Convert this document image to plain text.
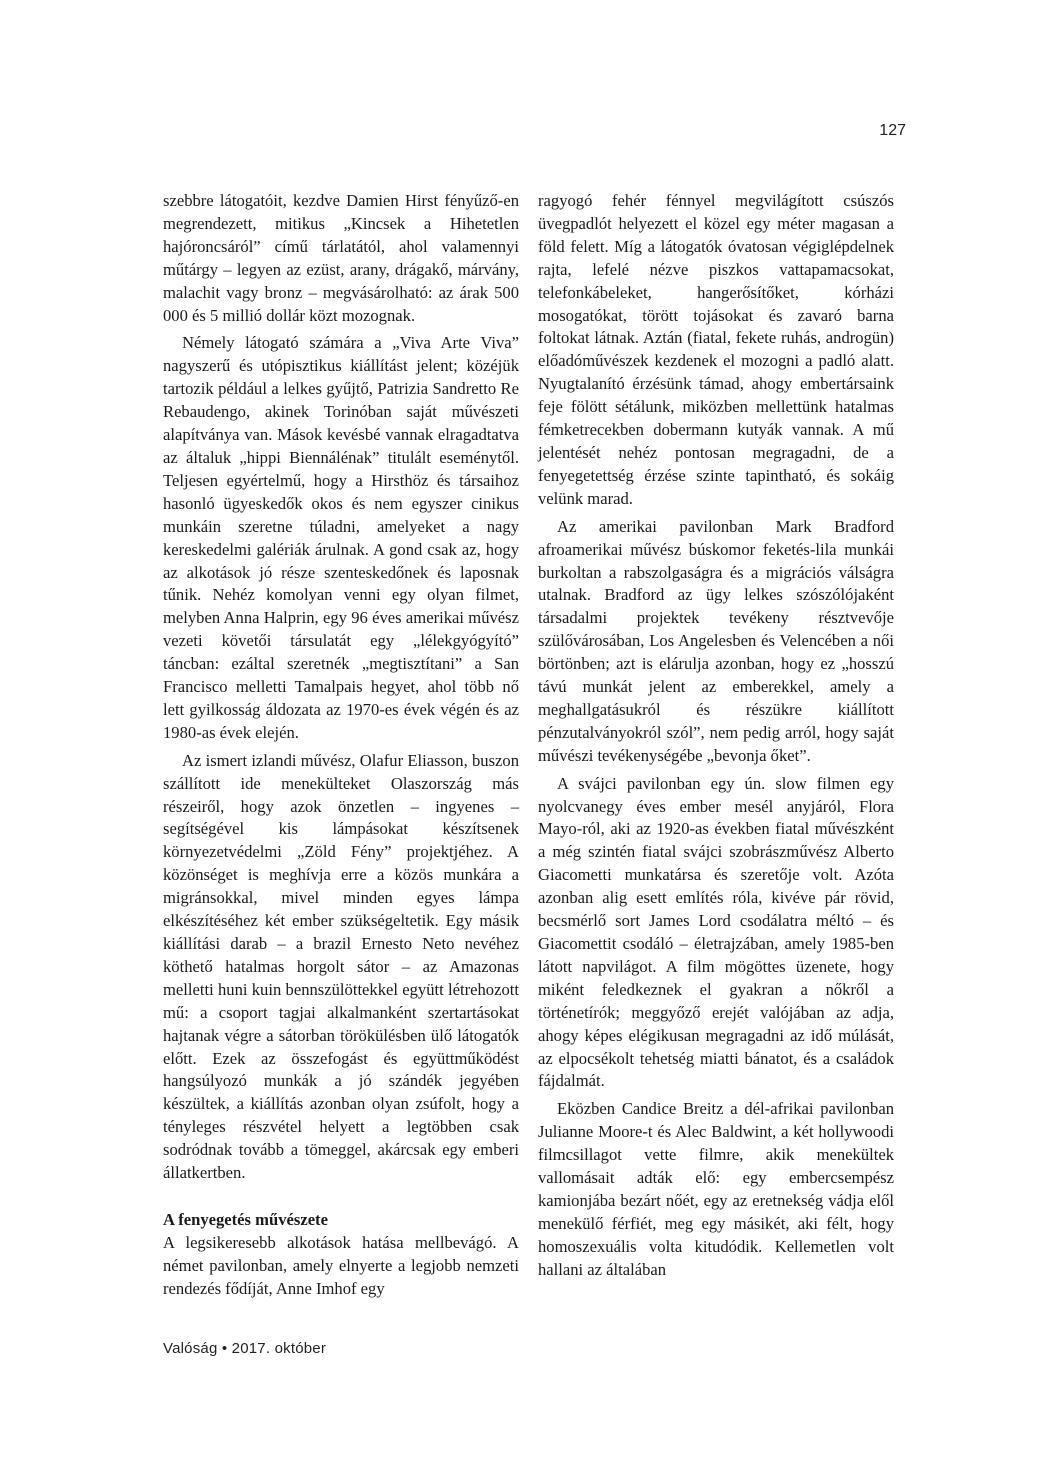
127

szebbre látogatóit, kezdve Damien Hirst fényűző-en megrendezett, mitikus „Kincsek a Hihetetlen hajóroncsáról” című tárlatától, ahol valamennyi műtárgy – legyen az ezüst, arany, drágakő, márvány, malachit vagy bronz – megvásárolható: az árak 500 000 és 5 millió dollár közt mozognak.

Némely látogató számára a „Viva Arte Viva” nagyszerű és utópisztikus kiállítást jelent; közéjük tartozik például a lelkes gyűjtő, Patrizia Sandretto Re Rebaudengo, akinek Torinóban saját művészeti alapítványa van. Mások kevésbé vannak elragadtatva az általuk „hippi Biennálénak” titulált eseménytől. Teljesen egyértelmű, hogy a Hirsthöz és társaihoz hasonló ügyeskedők okos és nem egyszer cinikus munkáin szeretne túladni, amelyeket a nagy kereskedelmi galériák árulnak. A gond csak az, hogy az alkotások jó része szenteskedőnek és laposnak tűnik. Nehéz komolyan venni egy olyan filmet, melyben Anna Halprin, egy 96 éves amerikai művész vezeti követői társulatát egy „lélekgyógyító” táncban: ezáltal szeretnék „megtisztítani” a San Francisco melletti Tamalpais hegyet, ahol több nő lett gyilkosság áldozata az 1970-es évek végén és az 1980-as évek elején.

Az ismert izlandi művész, Olafur Eliasson, buszon szállított ide menekülteket Olaszország más részeiről, hogy azok önzetlen – ingyenes – segítségével kis lámpásokat készítsenek környezetvédelmi „Zöld Fény” projektjéhez. A közönséget is meghívja erre a közös munkára a migránsokkal, mivel minden egyes lámpa elkészítéséhez két ember szükségeltetik. Egy másik kiállítási darab – a brazil Ernesto Neto nevéhez köthető hatalmas horgolt sátor – az Amazonas melletti huni kuin bennszülöttekkel együtt létrehozott mű: a csoport tagjai alkalmanként szertartásokat hajtanak végre a sátorban törökülésben ülő látogatók előtt. Ezek az összefogást és együttműködést hangsúlyozó munkák a jó szándék jegyében készültek, a kiállítás azonban olyan zsúfolt, hogy a tényleges részvétel helyett a legtöbben csak sodródnak tovább a tömeggel, akárcsak egy emberi állatkertben.

A fenyegetés művészete

A legsikeresebb alkotások hatása mellbevágó. A német pavilonban, amely elnyerte a legjobb nemzeti rendezés fődíját, Anne Imhof egy

ragyogó fehér fénnyel megvilágított csúszós üvegpadlót helyezett el közel egy méter magasan a föld felett. Míg a látogatók óvatosan végiglépdelnek rajta, lefelé nézve piszkos vattapamacsokat, telefonkábeleket, hangerősítőket, kórházi mosogatókat, törött tojásokat és zavaró barna foltokat látnak. Aztán (fiatal, fekete ruhás, androgün) előadóművészek kezdenek el mozogni a padló alatt. Nyugtalanító érzésünk támad, ahogy embertársaink feje fölött sétálunk, miközben mellettünk hatalmas fémketrecekben dobermann kutyák vannak. A mű jelentését nehéz pontosan megragadni, de a fenyegetettség érzése szinte tapintható, és sokáig velünk marad.

Az amerikai pavilonban Mark Bradford afroamerikai művész búskomor feketés-lila munkái burkoltan a rabszolgaságra és a migrációs válságra utalnak. Bradford az ügy lelkes szószólójaként társadalmi projektek tevékeny résztvevője szülővárosában, Los Angelesben és Velencében a női börtönben; azt is elárulja azonban, hogy ez „hosszú távú munkát jelent az emberekkel, amely a meghallgatásukról és részükre kiállított pénzutalványokról szól”, nem pedig arról, hogy saját művészi tevékenységébe „bevonja őket”.

A svájci pavilonban egy ún. slow filmen egy nyolcvanegy éves ember mesél anyjáról, Flora Mayo-ról, aki az 1920-as években fiatal művészként a még szintén fiatal svájci szobrászművész Alberto Giacometti munkatársa és szeretője volt. Azóta azonban alig esett említés róla, kivéve pár rövid, becsmérlő sort James Lord csodálatra méltó – és Giacomettit csodáló – életrajzában, amely 1985-ben látott napvilágot. A film mögöttes üzenete, hogy miként feledkeznek el gyakran a nőkről a történetírók; meggyőző erejét valójában az adja, ahogy képes elégikusan megragadni az idő múlását, az elpocsékolt tehetség miatti bánatot, és a családok fájdalmát.

Eközben Candice Breitz a dél-afrikai pavilonban Julianne Moore-t és Alec Baldwint, a két hollywoodi filmcsillagot vette filmre, akik menekültek vallomásait adták elő: egy embercsempész kamionjába bezárt nőét, egy az eretnekség vádja elől menekülő férfiét, meg egy másikét, aki félt, hogy homoszexuális volta kitudódik. Kellemetlen volt hallani az általában

Valóság • 2017. október
